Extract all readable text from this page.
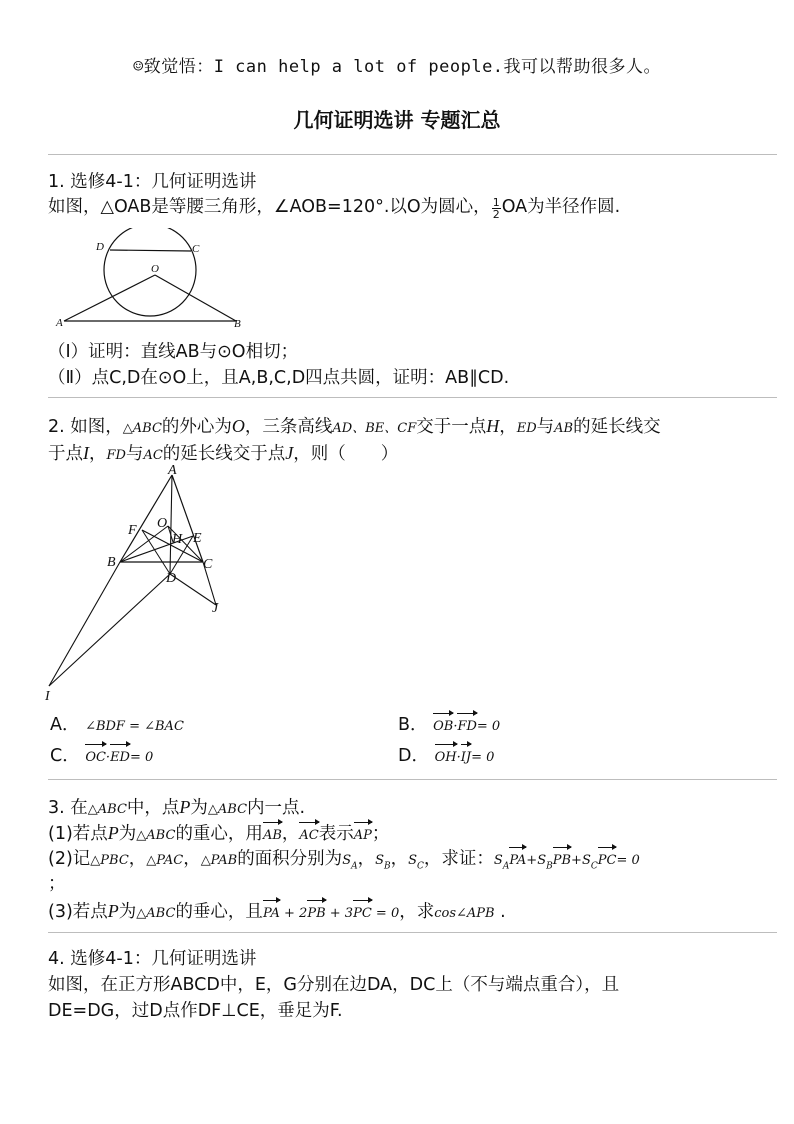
☺致觉悟：I can help a lot of people.我可以帮助很多人。
几何证明选讲 专题汇总
1. 选修4-1：几何证明选讲
如图，△OAB是等腰三角形，∠AOB=120°.以O为圆心， $\frac{1}{2}$ OA为半径作圆.
D	C
O
A	B
（Ⅰ）证明：直线AB与⊙O相切；
（Ⅱ）点C,D在⊙O上，且A,B,C,D四点共圆，证明：AB∥CD.
2. 如图，△ABC的外心为O，三条高线AD、BE、CF交于一点H，ED与AB的延长线交
于点I，FD与AC的延长线交于点J，则（　　）
A
F O
H E
B	C
D
J
I
A． ∠BDF = ∠BAC	B． OB·FD= 0
C． OC·ED= 0	D． OH·IJ= 0
3. 在△ABC中，点P为△ABC内一点.
(1)若点P为△ABC的重心，用AB，AC表示AP；
(2)记△PBC，△PAC，△PAB的面积分别为$S_A$，$S_B$，$S_C$，求证：$S_APA+S_BPB+S_CPC= 0$
；
(3)若点P为△ABC的垂心，且PA + 2PB + 3PC = 0，求cos∠APB .
4. 选修4-1：几何证明选讲
如图，在正方形ABCD中，E，G分别在边DA，DC上（不与端点重合），且
DE=DG，过D点作DF⊥CE，垂足为F.
